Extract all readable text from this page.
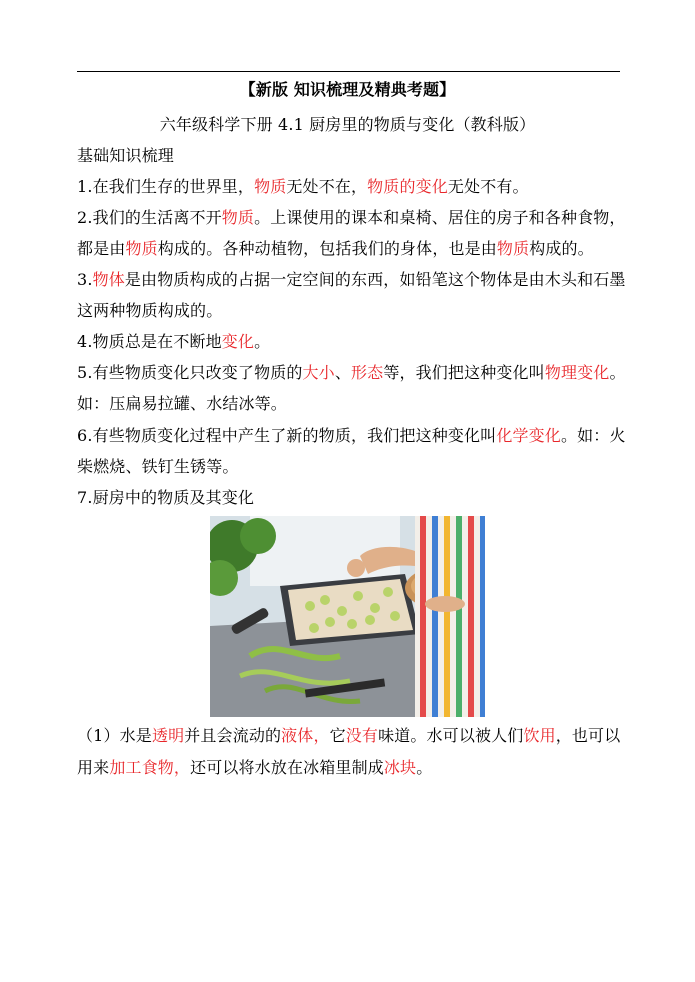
【新版 知识梳理及精典考题】
六年级科学下册 4.1 厨房里的物质与变化（教科版）
基础知识梳理
1.在我们生存的世界里，物质无处不在，物质的变化无处不有。
2.我们的生活离不开物质。上课使用的课本和桌椅、居住的房子和各种食物，
都是由物质构成的。各种动植物，包括我们的身体，也是由物质构成的。
3.物体是由物质构成的占据一定空间的东西，如铅笔这个物体是由木头和石墨
这两种物质构成的。
4.物质总是在不断地变化。
5.有些物质变化只改变了物质的大小、形态等，我们把这种变化叫物理变化。
如：压扁易拉罐、水结冰等。
6.有些物质变化过程中产生了新的物质，我们把这种变化叫化学变化。如：火
柴燃烧、铁钉生锈等。
7.厨房中的物质及其变化
（1）水是透明并且会流动的液体，它没有味道。水可以被人们饮用，也可以
用来加工食物，还可以将水放在冰箱里制成冰块。
